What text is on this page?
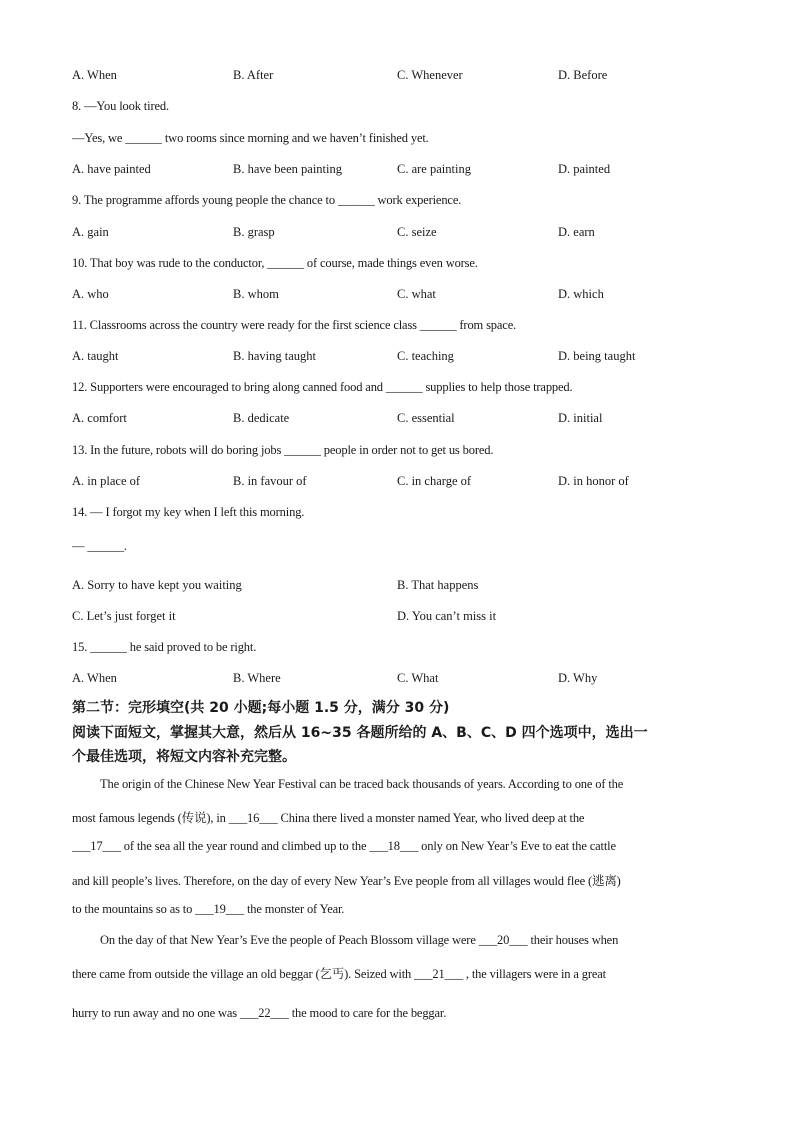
A. When	B. After	C. Whenever	D. Before
8. —You look tired.
—Yes, we ______ two rooms since morning and we haven’t finished yet.
A. have painted	B. have been painting	C. are painting	D. painted
9. The programme affords young people the chance to ______ work experience.
A. gain	B. grasp	C. seize	D. earn
10. That boy was rude to the conductor, ______ of course, made things even worse.
A. who	B. whom	C. what	D. which
11. Classrooms across the country were ready for the first science class ______ from space.
A. taught	B. having taught	C. teaching	D. being taught
12. Supporters were encouraged to bring along canned food and ______ supplies to help those trapped.
A. comfort	B. dedicate	C. essential	D. initial
13. In the future, robots will do boring jobs ______ people in order not to get us bored.
A. in place of	B. in favour of	C. in charge of	D. in honor of
14. — I forgot my key when I left this morning.
— ______.
A. Sorry to have kept you waiting	B. That happens
C. Let’s just forget it	D. You can’t miss it
15. ______ he said proved to be right.
A. When	B. Where	C. What	D. Why
第二节：完形填空(共 20 小题;每小题 1.5 分，满分 30 分)
阅读下面短文，掌握其大意，然后从 16~35 各题所给的 A、B、C、D 四个选项中，选出一
个最佳选项，将短文内容补充完整。
The origin of the Chinese New Year Festival can be traced back thousands of years. According to one of the
most famous legends (传说), in ___16___ China there lived a monster named Year, who lived deep at the
___17___ of the sea all the year round and climbed up to the ___18___ only on New Year’s Eve to eat the cattle
and kill people’s lives. Therefore, on the day of every New Year’s Eve people from all villages would flee (逃离)
to the mountains so as to ___19___ the monster of Year.
On the day of that New Year’s Eve the people of Peach Blossom village were ___20___ their houses when
there came from outside the village an old beggar (乞丐). Seized with ___21___ , the villagers were in a great
hurry to run away and no one was ___22___ the mood to care for the beggar.
